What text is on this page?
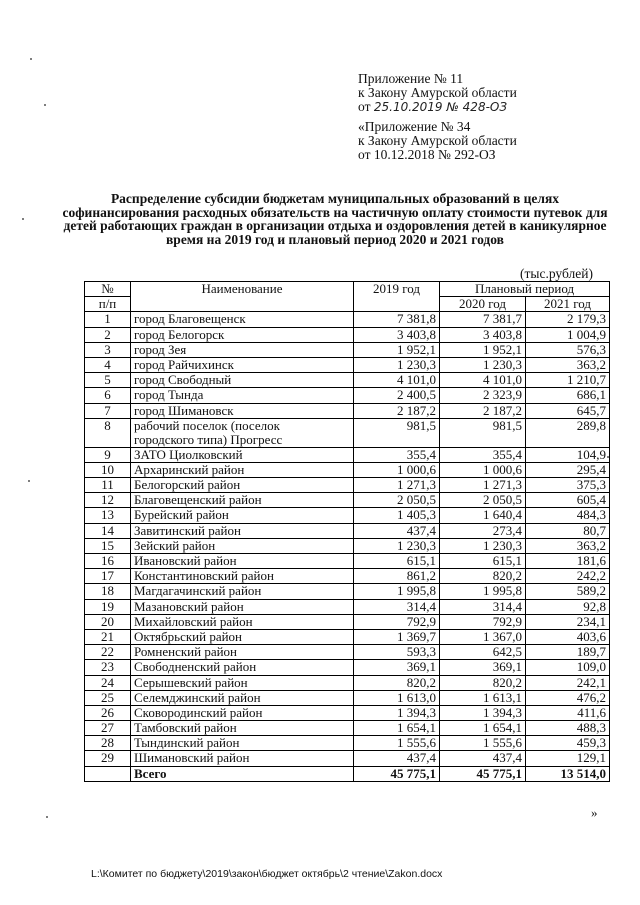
Приложение № 11
к Закону Амурской области
от 25.10.2019 № 428-ОЗ
«Приложение № 34
к Закону Амурской области
от 10.12.2018 № 292-ОЗ
Распределение субсидии бюджетам муниципальных образований в целях софинансирования расходных обязательств на частичную оплату стоимости путевок для детей работающих граждан в организации отдыха и оздоровления детей в каникулярное время на 2019 год и плановый период 2020 и 2021 годов
(тыс.рублей)
№	Наименование	2019 год	Плановый период	
п/п			2020 год	2021 год
1	город Благовещенск	7 381,8	7 381,7	2 179,3
2	город Белогорск	3 403,8	3 403,8	1 004,9
3	город Зея	1 952,1	1 952,1	576,3
4	город Райчихинск	1 230,3	1 230,3	363,2
5	город Свободный	4 101,0	4 101,0	1 210,7
6	город Тында	2 400,5	2 323,9	686,1
7	город Шимановск	2 187,2	2 187,2	645,7
8	рабочий поселок (поселок
городского типа) Прогресс	981,5	981,5	289,8
9	ЗАТО Циолковский	355,4	355,4	104,9
10	Архаринский район	1 000,6	1 000,6	295,4
11	Белогорский район	1 271,3	1 271,3	375,3
12	Благовещенский район	2 050,5	2 050,5	605,4
13	Бурейский район	1 405,3	1 640,4	484,3
14	Завитинский район	437,4	273,4	80,7
15	Зейский район	1 230,3	1 230,3	363,2
16	Ивановский район	615,1	615,1	181,6
17	Константиновский район	861,2	820,2	242,2
18	Магдагачинский район	1 995,8	1 995,8	589,2
19	Мазановский район	314,4	314,4	92,8
20	Михайловский район	792,9	792,9	234,1
21	Октябрьский район	1 369,7	1 367,0	403,6
22	Ромненский район	593,3	642,5	189,7
23	Свободненский район	369,1	369,1	109,0
24	Серышевский район	820,2	820,2	242,1
25	Селемджинский район	1 613,0	1 613,1	476,2
26	Сковородинский район	1 394,3	1 394,3	411,6
27	Тамбовский район	1 654,1	1 654,1	488,3
28	Тындинский район	1 555,6	1 555,6	459,3
29	Шимановский район	437,4	437,4	129,1
	Всего	45 775,1	45 775,1	13 514,0
»
L:\Комитет по бюджету\2019\закон\бюджет октябрь\2 чтение\Zakon.docx
